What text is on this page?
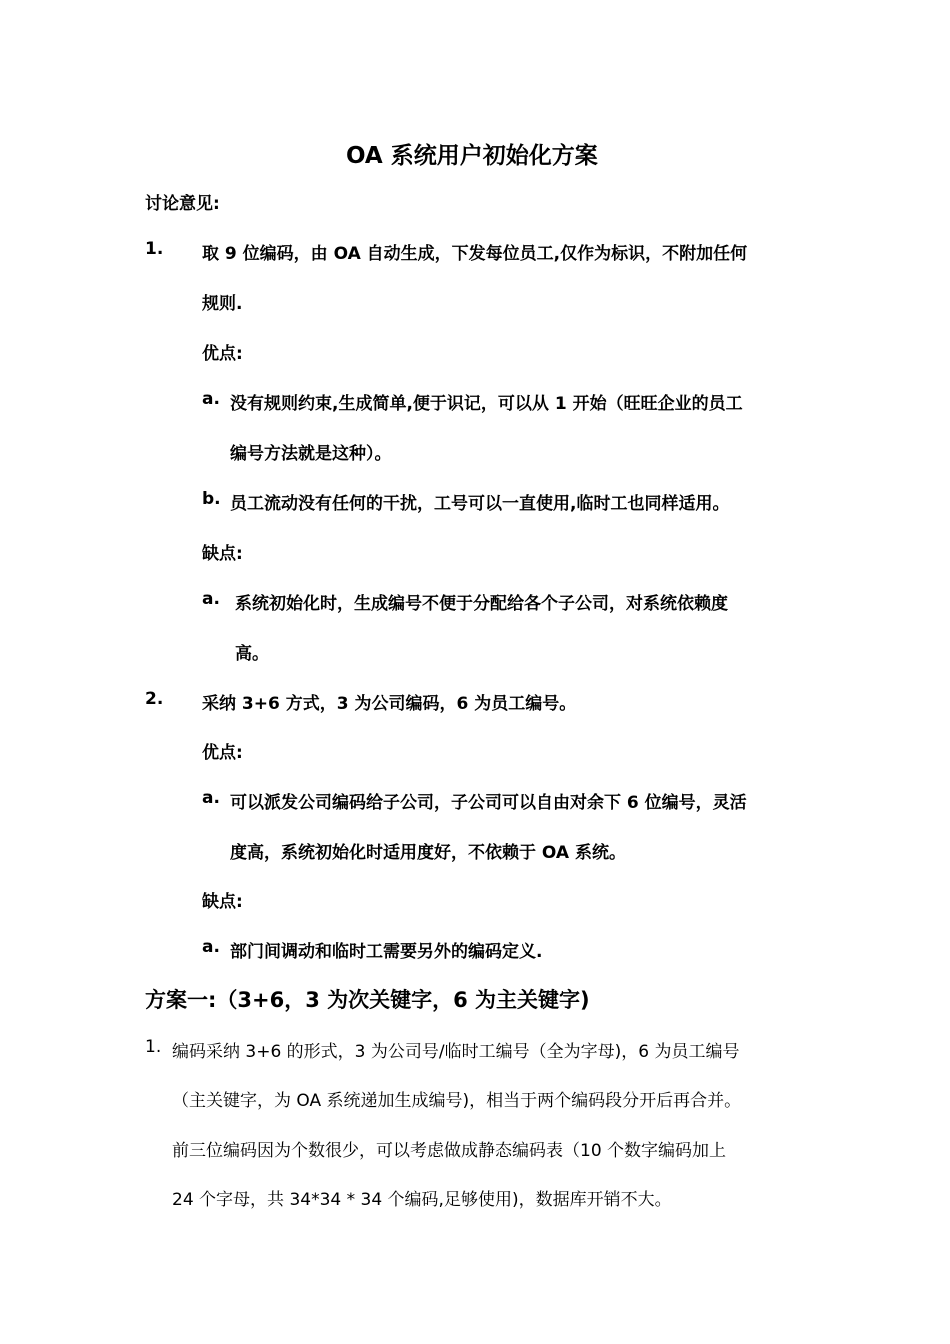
OA 系统用户初始化方案
讨论意见:
1. 取 9 位编码，由 OA 自动生成，下发每位员工,仅作为标识，不附加任何
规则.
优点:
a. 没有规则约束,生成简单,便于识记，可以从 1 开始（旺旺企业的员工
编号方法就是这种）。
b. 员工流动没有任何的干扰，工号可以一直使用,临时工也同样适用。
缺点:
a. 系统初始化时，生成编号不便于分配给各个子公司，对系统依赖度
高。
2. 采纳 3+6 方式，3 为公司编码，6 为员工编号。
优点:
a. 可以派发公司编码给子公司，子公司可以自由对余下 6 位编号，灵活
度高，系统初始化时适用度好，不依赖于 OA 系统。
缺点:
a. 部门间调动和临时工需要另外的编码定义.
方案一:（3+6，3 为次关键字，6 为主关键字)
1. 编码采纳 3+6 的形式，3 为公司号/临时工编号（全为字母)，6 为员工编号
（主关键字，为 OA 系统递加生成编号)，相当于两个编码段分开后再合并。
前三位编码因为个数很少，可以考虑做成静态编码表（10 个数字编码加上
24 个字母，共 34*34 * 34 个编码,足够使用)，数据库开销不大。
